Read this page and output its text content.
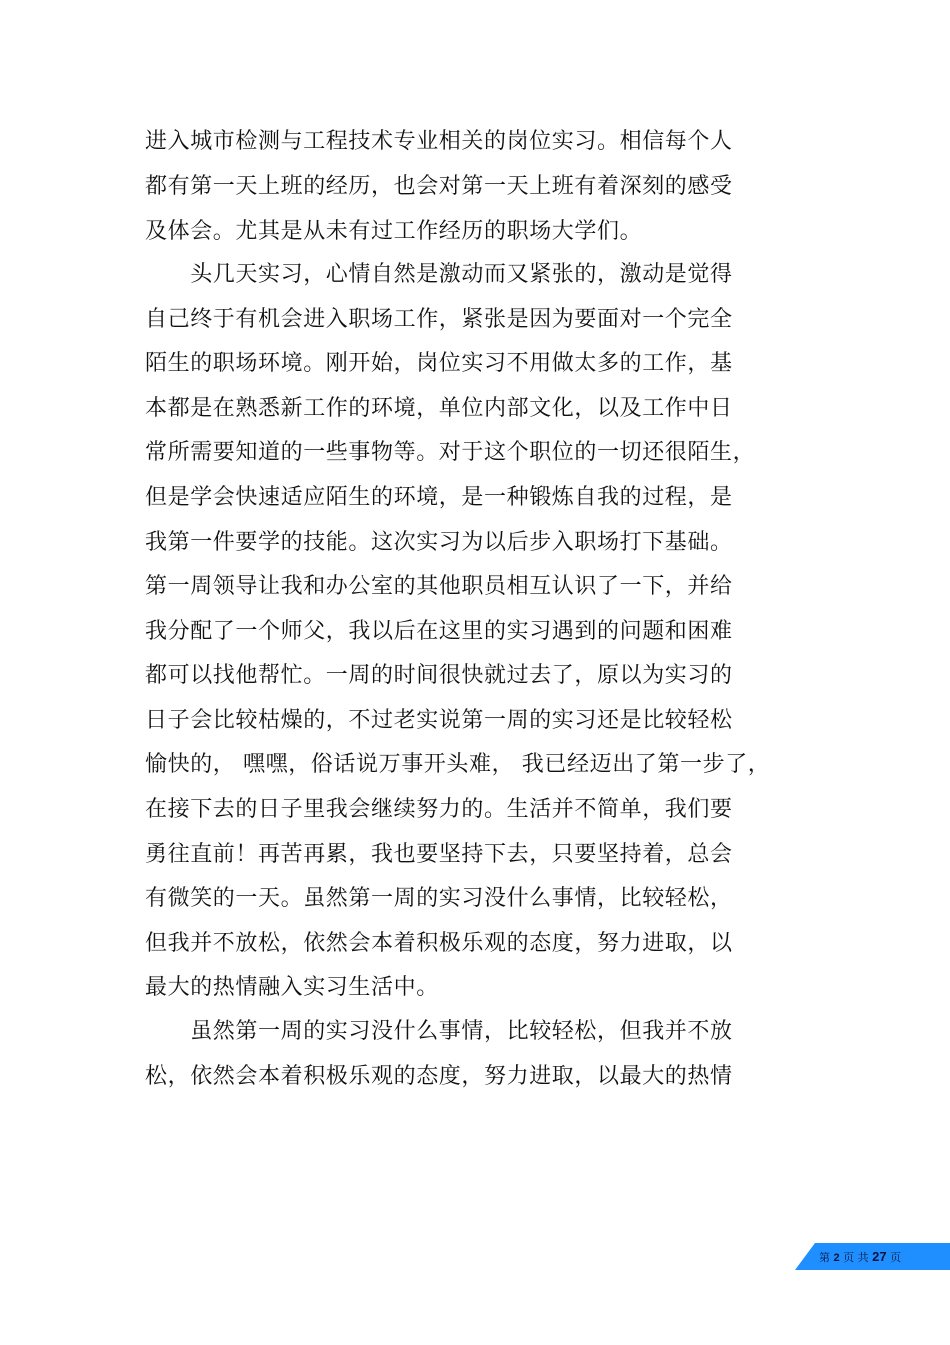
进入城市检测与工程技术专业相关的岗位实习。相信每个人
都有第一天上班的经历，也会对第一天上班有着深刻的感受
及体会。尤其是从未有过工作经历的职场大学们。
　　头几天实习，心情自然是激动而又紧张的，激动是觉得
自己终于有机会进入职场工作，紧张是因为要面对一个完全
陌生的职场环境。刚开始，岗位实习不用做太多的工作，基
本都是在熟悉新工作的环境，单位内部文化，以及工作中日
常所需要知道的一些事物等。对于这个职位的一切还很陌生，
但是学会快速适应陌生的环境，是一种锻炼自我的过程，是
我第一件要学的技能。这次实习为以后步入职场打下基础。
第一周领导让我和办公室的其他职员相互认识了一下，并给
我分配了一个师父，我以后在这里的实习遇到的问题和困难
都可以找他帮忙。一周的时间很快就过去了，原以为实习的
日子会比较枯燥的，不过老实说第一周的实习还是比较轻松
愉快的， 嘿嘿，俗话说万事开头难， 我已经迈出了第一步了，
在接下去的日子里我会继续努力的。生活并不简单，我们要
勇往直前！再苦再累，我也要坚持下去，只要坚持着，总会
有微笑的一天。虽然第一周的实习没什么事情，比较轻松，
但我并不放松，依然会本着积极乐观的态度，努力进取，以
最大的热情融入实习生活中。
　　虽然第一周的实习没什么事情，比较轻松，但我并不放
松，依然会本着积极乐观的态度，努力进取，以最大的热情
第 2 页 共 27 页
